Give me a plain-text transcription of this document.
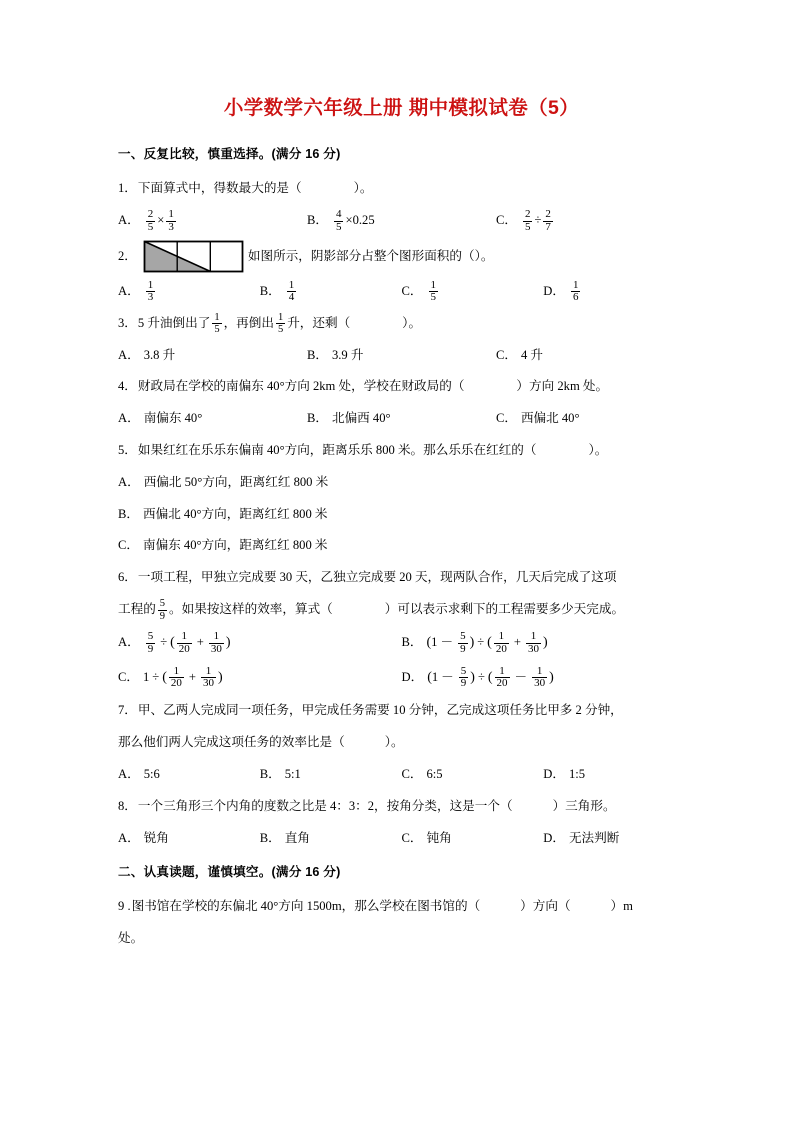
小学数学六年级上册 期中模拟试卷（5）
一、反复比较，慎重选择。(满分 16 分)
1．下面算式中，得数最大的是（	）。
A． $\frac{2}{5} \times \frac{1}{3}$	B． $\frac{4}{5} \times 0.25$	C． $\frac{2}{5} \div \frac{2}{7}$
2．	如图所示，阴影部分占整个图形面积的（）。
A． $\frac{1}{3}$	B． $\frac{1}{4}$	C． $\frac{1}{5}$	D． $\frac{1}{6}$
3．5 升油倒出了 $\frac{1}{5}$ ，再倒出 $\frac{1}{5}$ 升，还剩（	）。
A． 3.8 升	B． 3.9 升	C． 4 升
4．财政局在学校的南偏东 40°方向 2km 处，学校在财政局的（	）方向 2km 处。
A． 南偏东 40°	B． 北偏西 40°	C． 西偏北 40°
5．如果红红在乐乐东偏南 40°方向，距离乐乐 800 米。那么乐乐在红红的（	）。
A． 西偏北 50°方向，距离红红 800 米
B． 西偏北 40°方向，距离红红 800 米
C． 南偏东 40°方向，距离红红 800 米
6．一项工程，甲独立完成要 30 天，乙独立完成要 20 天，现两队合作，几天后完成了这项
工程的 $\frac{5}{9}$ 。如果按这样的效率，算式（	）可以表示求剩下的工程需要多少天完成。
A． $\frac{5}{9}$ ÷ ( $\frac{1}{20} + \frac{1}{30}$ )	B． ( $1 - \frac{5}{9}$ ) ÷ ( $\frac{1}{20} + \frac{1}{30}$ )
C． 1 ÷ ( $\frac{1}{20} + \frac{1}{30}$ )	D． ( $1 - \frac{5}{9}$ ) ÷ ( $\frac{1}{20} - \frac{1}{30}$ )
7．甲、乙两人完成同一项任务，甲完成任务需要 10 分钟，乙完成这项任务比甲多 2 分钟，
那么他们两人完成这项任务的效率比是（	）。
A． 5:6	B． 5:1	C． 6:5	D． 1:5
8．一个三角形三个内角的度数之比是 4：3：2，按角分类，这是一个（	）三角形。
A． 锐角	B． 直角	C． 钝角	D． 无法判断
二、认真读题，谨慎填空。(满分 16 分)
9 .图书馆在学校的东偏北 40°方向 1500m，那么学校在图书馆的（	）方向（	）m
处。
